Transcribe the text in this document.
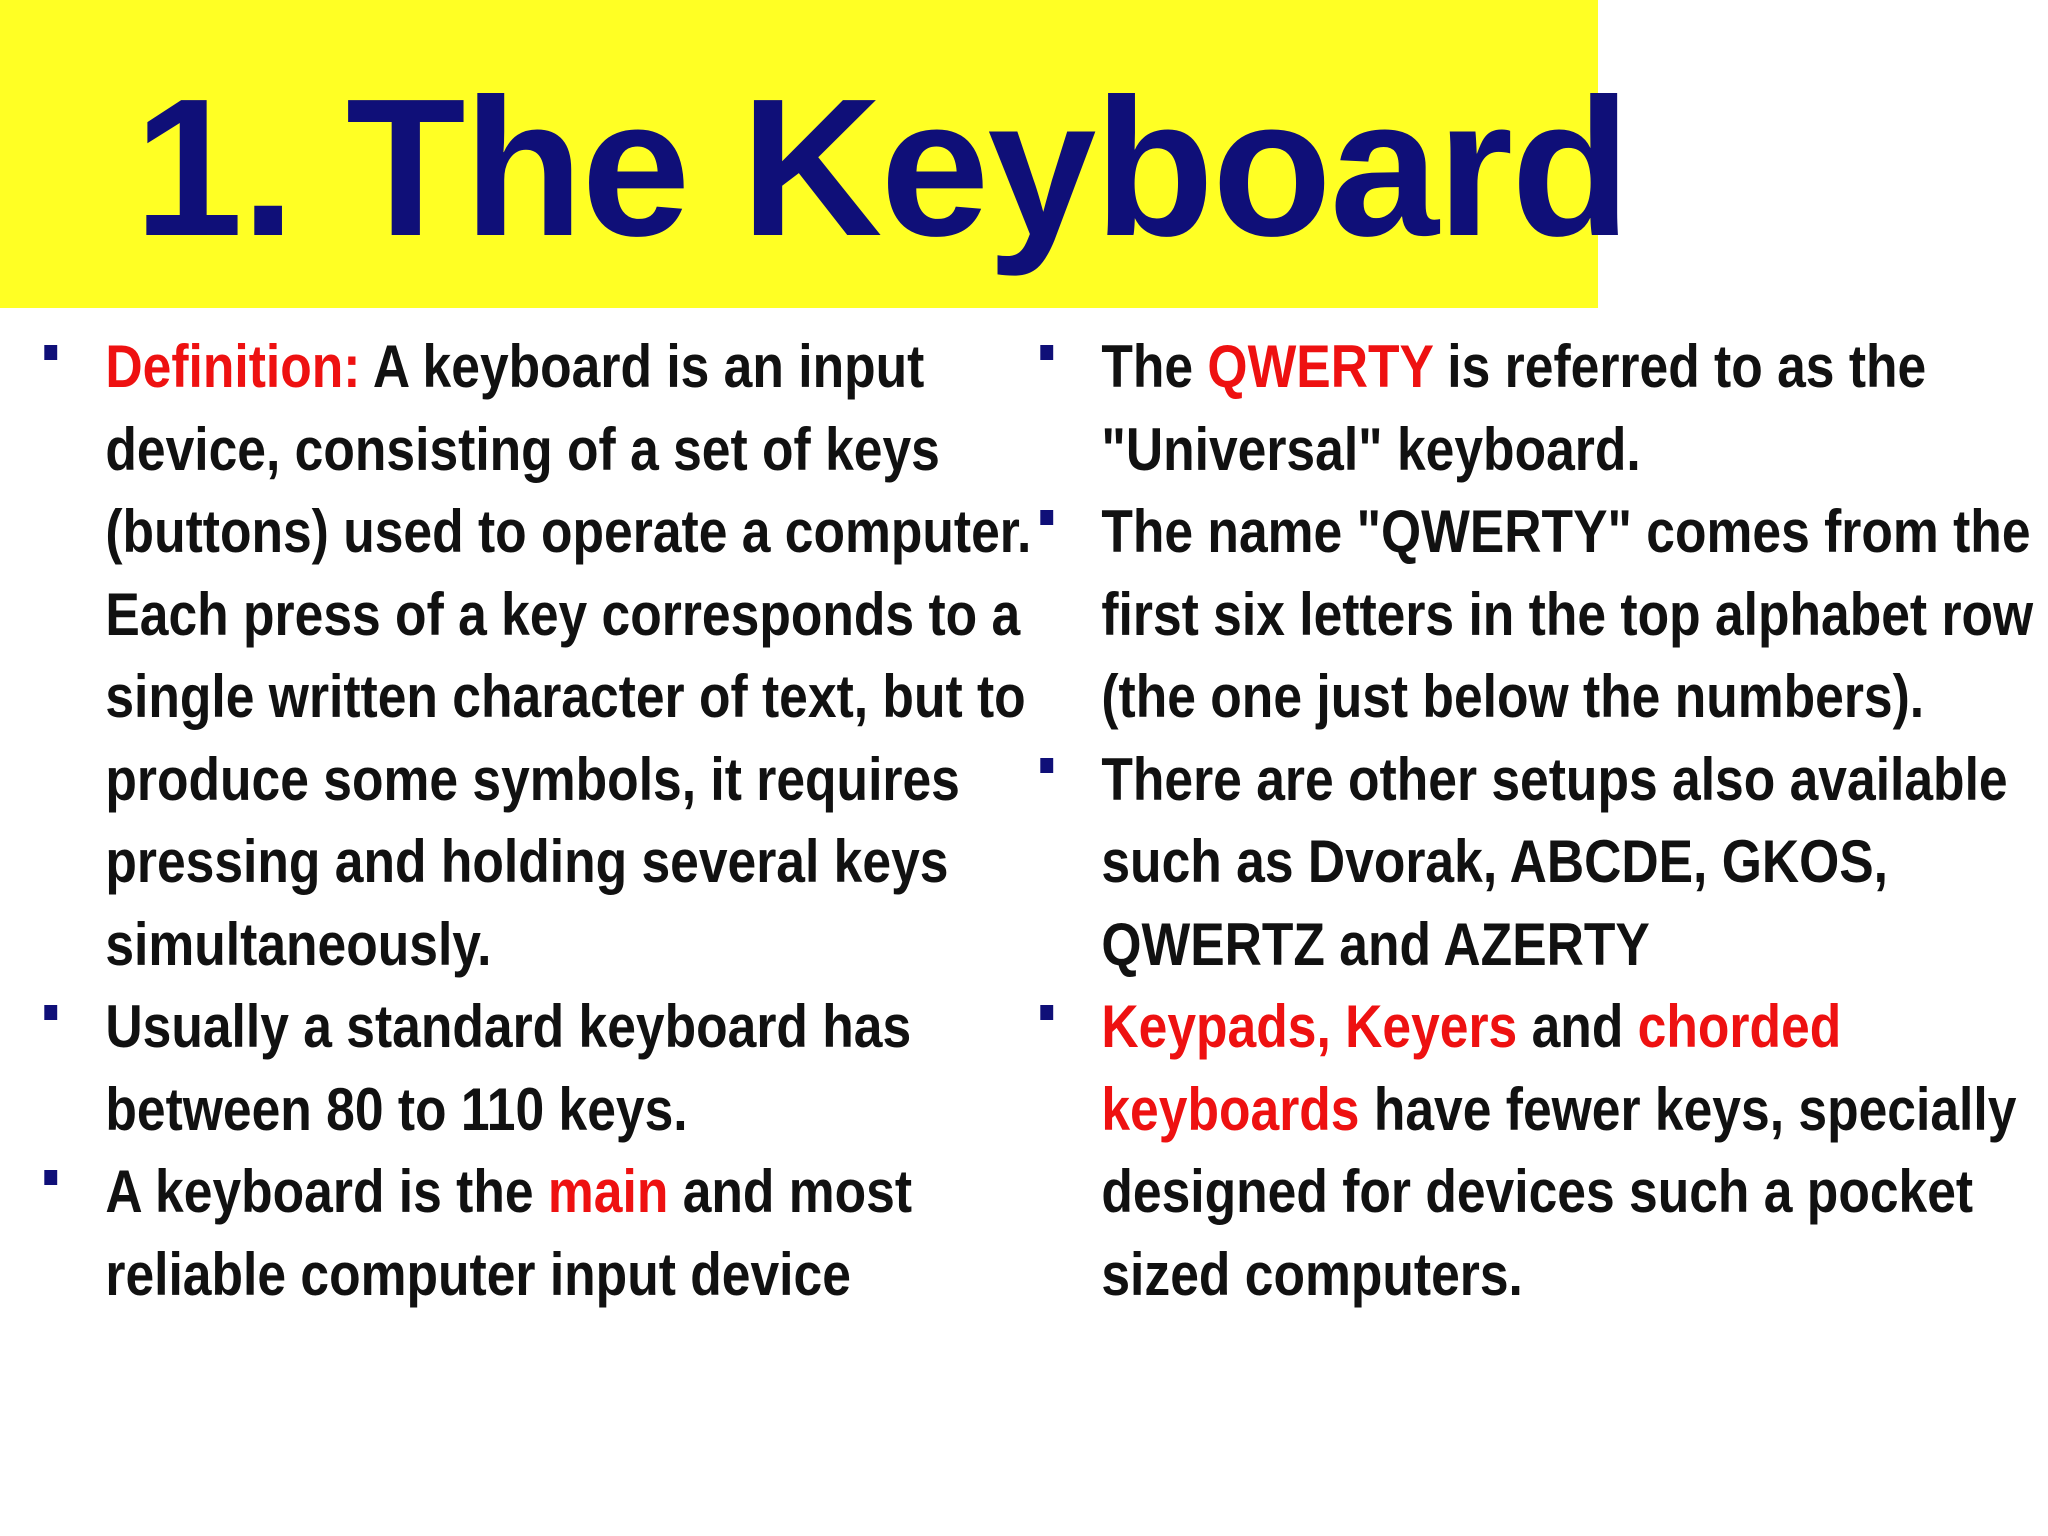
1. The Keyboard
Definition: A keyboard is an input device, consisting of a set of keys (buttons) used to operate a computer. Each press of a key corresponds to a single written character of text, but to produce some symbols, it requires pressing and holding several keys simultaneously.
Usually a standard keyboard has between 80 to 110 keys.
A keyboard is the main and most reliable computer input device
The QWERTY is referred to as the "Universal" keyboard.
The name "QWERTY" comes from the first six letters in the top alphabet row (the one just below the numbers).
There are other setups also available such as Dvorak, ABCDE, GKOS, QWERTZ and AZERTY
Keypads, Keyers and chorded keyboards have fewer keys, specially designed for devices such a pocket sized computers.
